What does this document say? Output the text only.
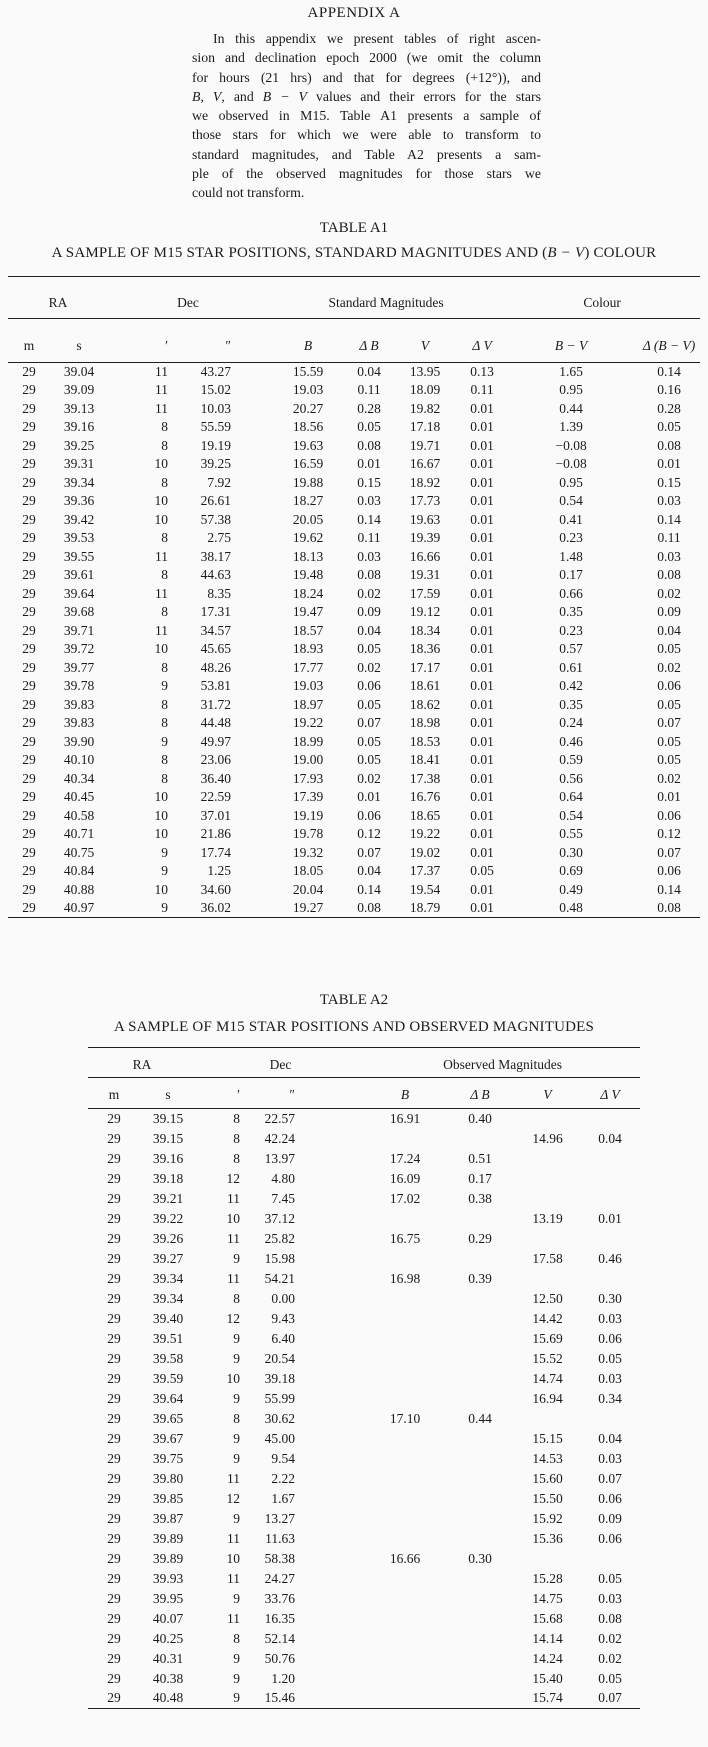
APPENDIX A
In this appendix we present tables of right ascen-
sion and declination epoch 2000 (we omit the column
for hours (21 hrs) and that for degrees (+12°)), and
B, V, and B − V values and their errors for the stars
we observed in M15. Table A1 presents a sample of
those stars for which we were able to transform to
standard magnitudes, and Table A2 presents a sam-
ple of the observed magnitudes for those stars we
could not transform.
TABLE A1
A SAMPLE OF M15 STAR POSITIONS, STANDARD MAGNITUDES AND (B − V) COLOUR
RA		Dec		Standard Magnitudes				Colour	
m	s	′	″	B	Δ B	V	Δ V	B − V	Δ (B − V)
29	39.04	11	43.27	15.59	0.04	13.95	0.13	1.65	0.14
29	39.09	11	15.02	19.03	0.11	18.09	0.11	0.95	0.16
29	39.13	11	10.03	20.27	0.28	19.82	0.01	0.44	0.28
29	39.16	8	55.59	18.56	0.05	17.18	0.01	1.39	0.05
29	39.25	8	19.19	19.63	0.08	19.71	0.01	−0.08	0.08
29	39.31	10	39.25	16.59	0.01	16.67	0.01	−0.08	0.01
29	39.34	8	7.92	19.88	0.15	18.92	0.01	0.95	0.15
29	39.36	10	26.61	18.27	0.03	17.73	0.01	0.54	0.03
29	39.42	10	57.38	20.05	0.14	19.63	0.01	0.41	0.14
29	39.53	8	2.75	19.62	0.11	19.39	0.01	0.23	0.11
29	39.55	11	38.17	18.13	0.03	16.66	0.01	1.48	0.03
29	39.61	8	44.63	19.48	0.08	19.31	0.01	0.17	0.08
29	39.64	11	8.35	18.24	0.02	17.59	0.01	0.66	0.02
29	39.68	8	17.31	19.47	0.09	19.12	0.01	0.35	0.09
29	39.71	11	34.57	18.57	0.04	18.34	0.01	0.23	0.04
29	39.72	10	45.65	18.93	0.05	18.36	0.01	0.57	0.05
29	39.77	8	48.26	17.77	0.02	17.17	0.01	0.61	0.02
29	39.78	9	53.81	19.03	0.06	18.61	0.01	0.42	0.06
29	39.83	8	31.72	18.97	0.05	18.62	0.01	0.35	0.05
29	39.83	8	44.48	19.22	0.07	18.98	0.01	0.24	0.07
29	39.90	9	49.97	18.99	0.05	18.53	0.01	0.46	0.05
29	40.10	8	23.06	19.00	0.05	18.41	0.01	0.59	0.05
29	40.34	8	36.40	17.93	0.02	17.38	0.01	0.56	0.02
29	40.45	10	22.59	17.39	0.01	16.76	0.01	0.64	0.01
29	40.58	10	37.01	19.19	0.06	18.65	0.01	0.54	0.06
29	40.71	10	21.86	19.78	0.12	19.22	0.01	0.55	0.12
29	40.75	9	17.74	19.32	0.07	19.02	0.01	0.30	0.07
29	40.84	9	1.25	18.05	0.04	17.37	0.05	0.69	0.06
29	40.88	10	34.60	20.04	0.14	19.54	0.01	0.49	0.14
29	40.97	9	36.02	19.27	0.08	18.79	0.01	0.48	0.08
TABLE A2
A SAMPLE OF M15 STAR POSITIONS AND OBSERVED MAGNITUDES
RA		Dec		Observed Magnitudes			
m	s	′	″	B	Δ B	V	Δ V
29	39.15	8	22.57	16.91	0.40		
29	39.15	8	42.24			14.96	0.04
29	39.16	8	13.97	17.24	0.51		
29	39.18	12	4.80	16.09	0.17		
29	39.21	11	7.45	17.02	0.38		
29	39.22	10	37.12			13.19	0.01
29	39.26	11	25.82	16.75	0.29		
29	39.27	9	15.98			17.58	0.46
29	39.34	11	54.21	16.98	0.39		
29	39.34	8	0.00			12.50	0.30
29	39.40	12	9.43			14.42	0.03
29	39.51	9	6.40			15.69	0.06
29	39.58	9	20.54			15.52	0.05
29	39.59	10	39.18			14.74	0.03
29	39.64	9	55.99			16.94	0.34
29	39.65	8	30.62	17.10	0.44		
29	39.67	9	45.00			15.15	0.04
29	39.75	9	9.54			14.53	0.03
29	39.80	11	2.22			15.60	0.07
29	39.85	12	1.67			15.50	0.06
29	39.87	9	13.27			15.92	0.09
29	39.89	11	11.63			15.36	0.06
29	39.89	10	58.38	16.66	0.30		
29	39.93	11	24.27			15.28	0.05
29	39.95	9	33.76			14.75	0.03
29	40.07	11	16.35			15.68	0.08
29	40.25	8	52.14			14.14	0.02
29	40.31	9	50.76			14.24	0.02
29	40.38	9	1.20			15.40	0.05
29	40.48	9	15.46			15.74	0.07
